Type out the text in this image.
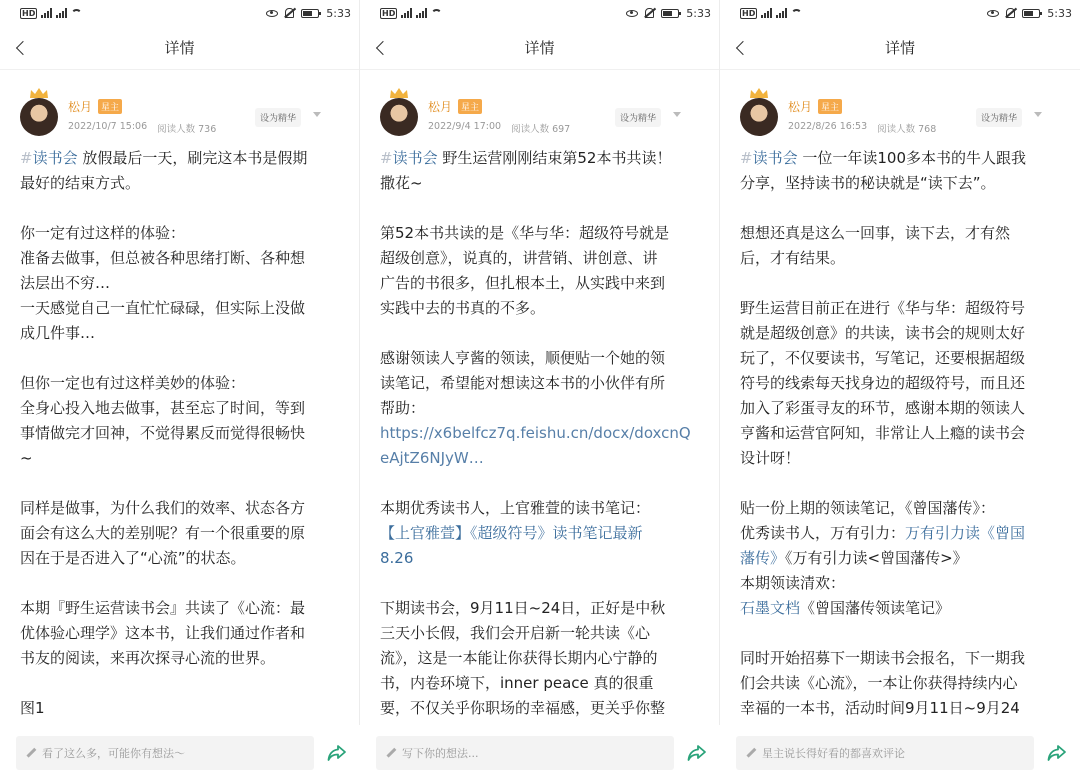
HD	5:33
详情
松月	星主
2022/10/7 15:06 阅读人数 736
设为精华

#读书会 放假最后一天，刷完这本书是假期

最好的结束方式。

你一定有过这样的体验：

准备去做事，但总被各种思绪打断、各种想

法层出不穷…

一天感觉自己一直忙忙碌碌，但实际上没做

成几件事…

但你一定也有过这样美妙的体验：

全身心投入地去做事，甚至忘了时间，等到

事情做完才回神，不觉得累反而觉得很畅快

~

同样是做事，为什么我们的效率、状态各方

面会有这么大的差别呢？有一个很重要的原

因在于是否进入了“心流”的状态。

本期『野生运营读书会』共读了《心流：最

优体验心理学》这本书，让我们通过作者和

书友的阅读，来再次探寻心流的世界。

图1

看了这么多，可能你有想法～
HD	5:33
详情
松月	星主
2022/9/4 17:00 阅读人数 697
设为精华

#读书会 野生运营刚刚结束第52本书共读！

撒花~

第52本书共读的是《华与华：超级符号就是

超级创意》，说真的，讲营销、讲创意、讲

广告的书很多，但扎根本土，从实践中来到

实践中去的书真的不多。

感谢领读人亨酱的领读，顺便贴一个她的领

读笔记，希望能对想读这本书的小伙伴有所

帮助：

https://x6belfcz7q.feishu.cn/docx/doxcnQ

eAjtZ6NJyW…

本期优秀读书人，上官雅萱的读书笔记：

【上官雅萱】《超级符号》读书笔记最新

8.26

下期读书会，9月11日~24日，正好是中秋

三天小长假，我们会开启新一轮共读《心

流》，这是一本能让你获得长期内心宁静的

书，内卷环境下，inner peace 真的很重

要，不仅关乎你职场的幸福感，更关乎你整

写下你的想法...
HD	5:33
详情
松月	星主
2022/8/26 16:53 阅读人数 768
设为精华

#读书会 一位一年读100多本书的牛人跟我

分享，坚持读书的秘诀就是“读下去”。

想想还真是这么一回事，读下去，才有然

后，才有结果。

野生运营目前正在进行《华与华：超级符号

就是超级创意》的共读，读书会的规则太好

玩了，不仅要读书，写笔记，还要根据超级

符号的线索每天找身边的超级符号，而且还

加入了彩蛋寻友的环节，感谢本期的领读人

亨酱和运营官阿知，非常让人上瘾的读书会

设计呀！

贴一份上期的领读笔记，《曾国藩传》：

优秀读书人，万有引力：万有引力读《曾国

藩传》《万有引力读<曾国藩传>》

本期领读清欢：

石墨文档《曾国藩传领读笔记》

同时开始招募下一期读书会报名，下一期我

们会共读《心流》，一本让你获得持续内心

幸福的一本书，活动时间9月11日~9月24

星主说长得好看的都喜欢评论
